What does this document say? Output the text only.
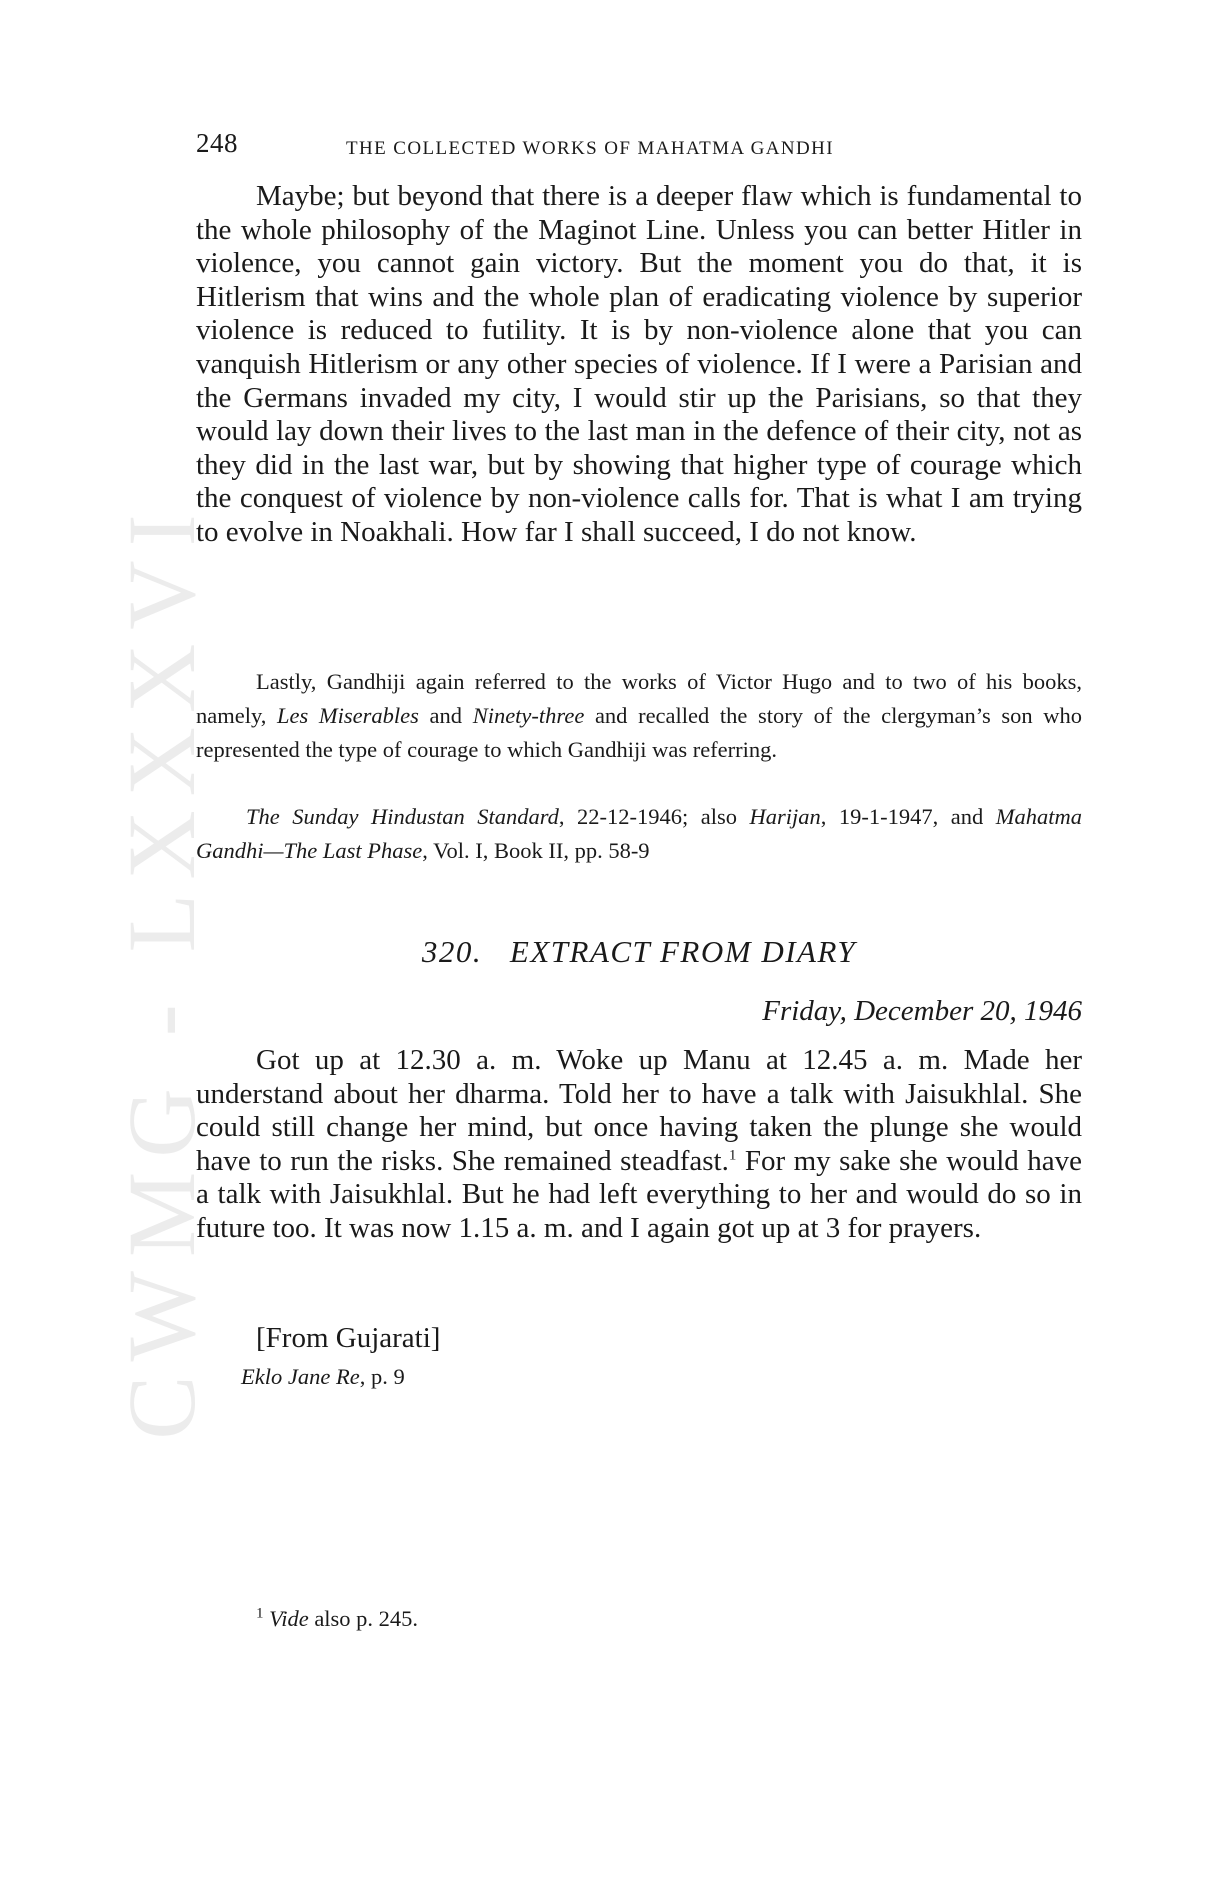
CWMG - LXXXVI
248	THE COLLECTED WORKS OF MAHATMA GANDHI

Maybe; but beyond that there is a deeper flaw which is fundamental to the whole philosophy of the Maginot Line. Unless you can better Hitler in violence, you cannot gain victory. But the moment you do that, it is Hitlerism that wins and the whole plan of eradicating violence by superior violence is reduced to futility. It is by non-violence alone that you can vanquish Hitlerism or any other species of violence. If I were a Parisian and the Germans invaded my city, I would stir up the Parisians, so that they would lay down their lives to the last man in the defence of their city, not as they did in the last war, but by showing that higher type of courage which the conquest of violence by non-violence calls for. That is what I am trying to evolve in Noakhali. How far I shall succeed, I do not know.

Lastly, Gandhiji again referred to the works of Victor Hugo and to two of his books, namely, Les Miserables and Ninety-three and recalled the story of the clergyman’s son who represented the type of courage to which Gandhiji was referring.

The Sunday Hindustan Standard, 22-12-1946; also Harijan, 19-1-1947, and Mahatma Gandhi—The Last Phase, Vol. I, Book II, pp. 58-9

320. EXTRACT FROM DIARY
Friday, December 20, 1946

Got up at 12.30 a. m. Woke up Manu at 12.45 a. m. Made her understand about her dharma. Told her to have a talk with Jaisukhlal. She could still change her mind, but once having taken the plunge she would have to run the risks. She remained steadfast.$^1$ For my sake she would have a talk with Jaisukhlal. But he had left everything to her and would do so in future too. It was now 1.15 a. m. and I again got up at 3 for prayers.

[From Gujarati]
Eklo Jane Re, p. 9
$^1$ Vide also p. 245.
